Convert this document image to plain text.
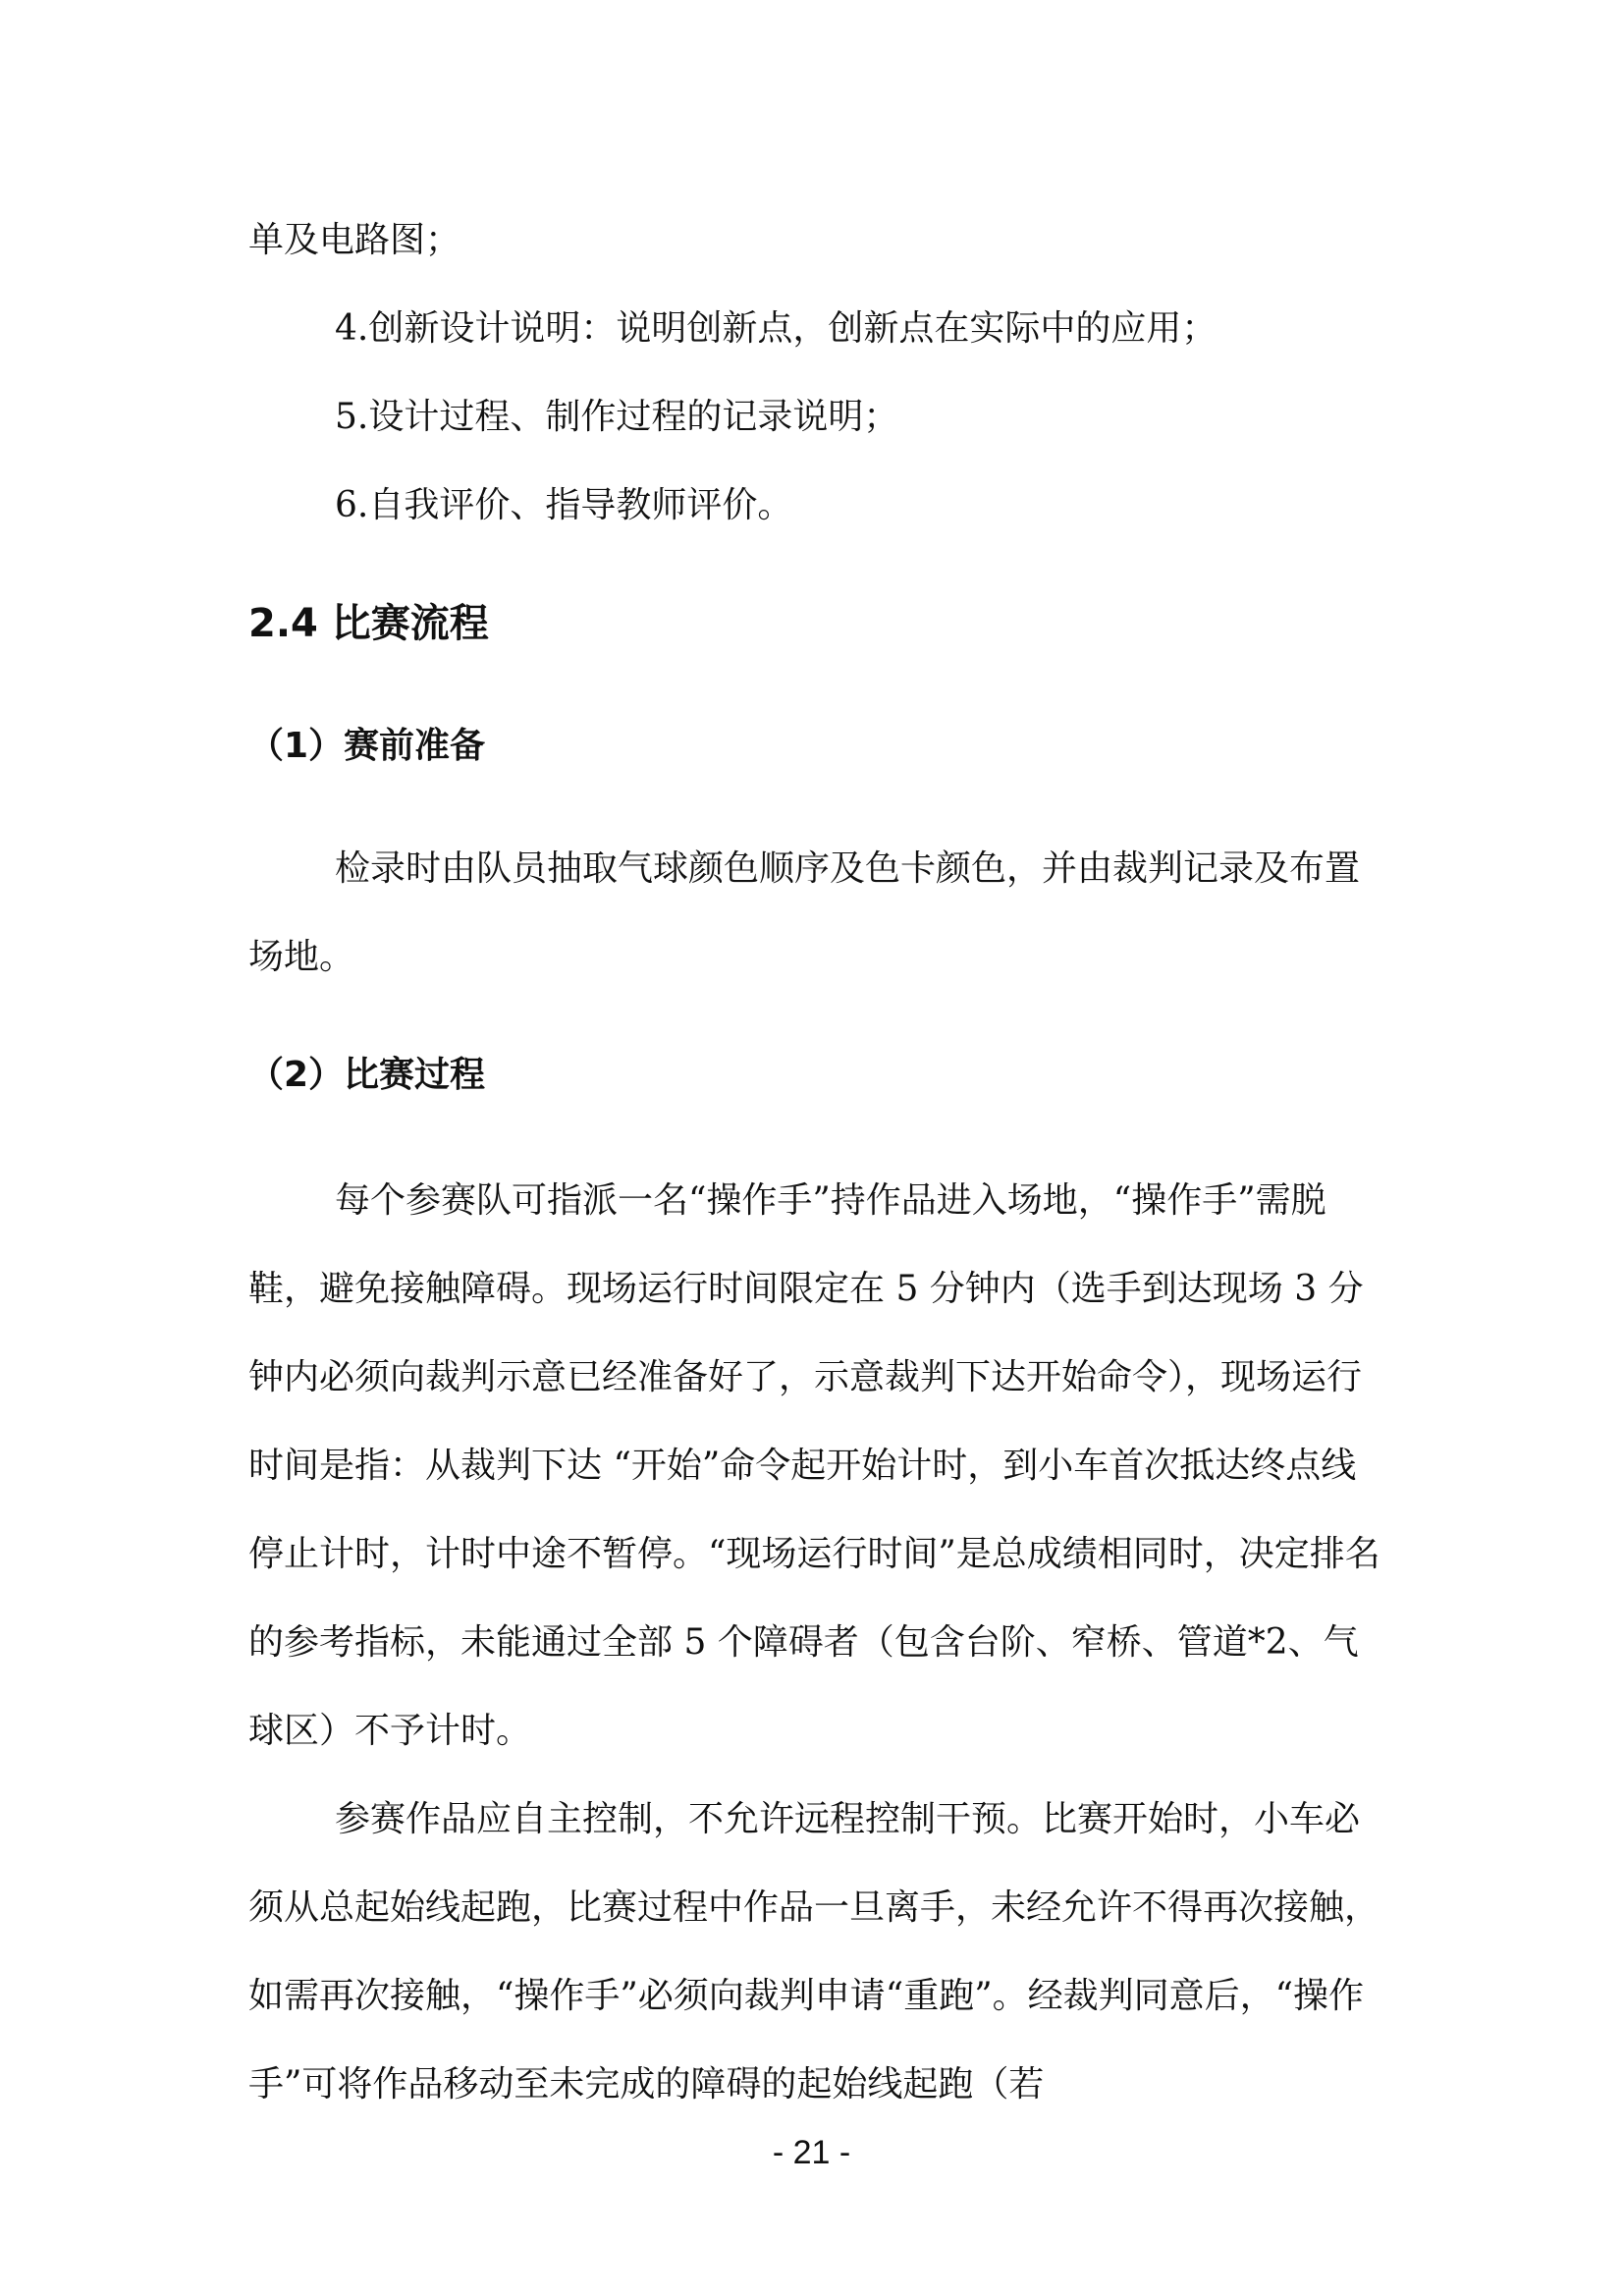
单及电路图；

4.创新设计说明：说明创新点，创新点在实际中的应用；

5.设计过程、制作过程的记录说明；

6.自我评价、指导教师评价。

2.4 比赛流程
（1）赛前准备

检录时由队员抽取气球颜色顺序及色卡颜色，并由裁判记录及布置场地。

（2）比赛过程

每个参赛队可指派一名“操作手”持作品进入场地，“操作手”需脱鞋，避免接触障碍。现场运行时间限定在 5 分钟内（选手到达现场 3 分钟内必须向裁判示意已经准备好了，示意裁判下达开始命令），现场运行时间是指：从裁判下达 “开始”命令起开始计时，到小车首次抵达终点线停止计时，计时中途不暂停。“现场运行时间”是总成绩相同时，决定排名的参考指标，未能通过全部 5 个障碍者（包含台阶、窄桥、管道*2、气球区）不予计时。

参赛作品应自主控制，不允许远程控制干预。比赛开始时，小车必须从总起始线起跑，比赛过程中作品一旦离手，未经允许不得再次接触，如需再次接触，“操作手”必须向裁判申请“重跑”。经裁判同意后，“操作手”可将作品移动至未完成的障碍的起始线起跑（若

- 21 -
